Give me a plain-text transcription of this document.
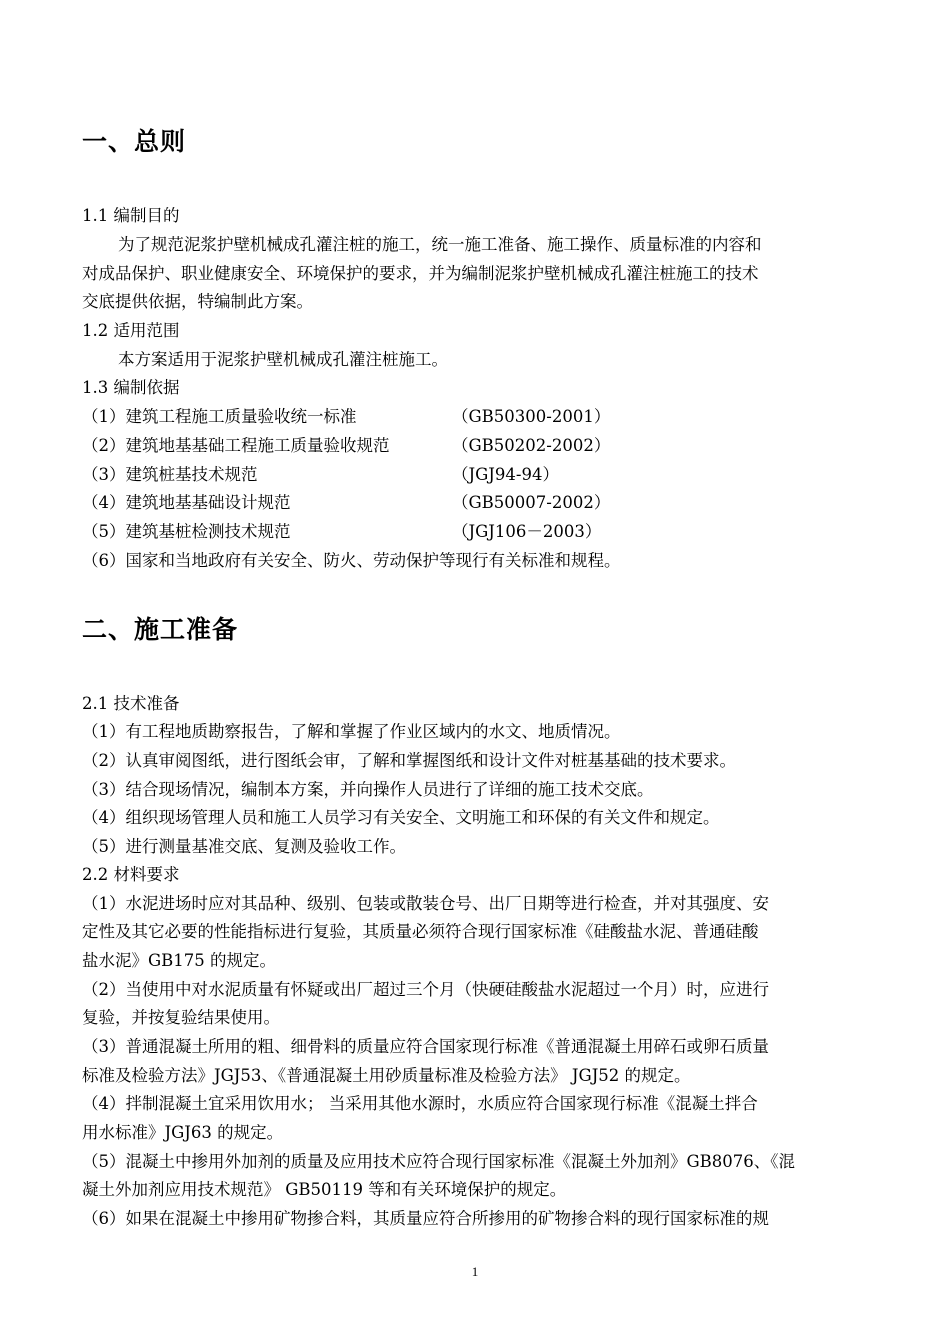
一、总则
1.1 编制目的
为了规范泥浆护壁机械成孔灌注桩的施工，统一施工准备、施工操作、质量标准的内容和
对成品保护、职业健康安全、环境保护的要求，并为编制泥浆护壁机械成孔灌注桩施工的技术
交底提供依据，特编制此方案。
1.2 适用范围
本方案适用于泥浆护壁机械成孔灌注桩施工。
1.3 编制依据
（1）建筑工程施工质量验收统一标准	（GB50300-2001）
（2）建筑地基基础工程施工质量验收规范	（GB50202-2002）
（3）建筑桩基技术规范	（JGJ94-94）
（4）建筑地基基础设计规范	（GB50007-2002）
（5）建筑基桩检测技术规范	（JGJ106－2003）
（6）国家和当地政府有关安全、防火、劳动保护等现行有关标准和规程。
二、施工准备
2.1 技术准备
（1）有工程地质勘察报告，了解和掌握了作业区域内的水文、地质情况。
（2）认真审阅图纸，进行图纸会审，了解和掌握图纸和设计文件对桩基基础的技术要求。
（3）结合现场情况，编制本方案，并向操作人员进行了详细的施工技术交底。
（4）组织现场管理人员和施工人员学习有关安全、文明施工和环保的有关文件和规定。
（5）进行测量基准交底、复测及验收工作。
2.2 材料要求
（1）水泥进场时应对其品种、级别、包装或散装仓号、出厂日期等进行检查，并对其强度、安
定性及其它必要的性能指标进行复验，其质量必须符合现行国家标准《硅酸盐水泥、普通硅酸
盐水泥》GB175 的规定。
（2）当使用中对水泥质量有怀疑或出厂超过三个月（快硬硅酸盐水泥超过一个月）时，应进行
复验，并按复验结果使用。
（3）普通混凝土所用的粗、细骨料的质量应符合国家现行标准《普通混凝土用碎石或卵石质量
标准及检验方法》JGJ53、《普通混凝土用砂质量标准及检验方法》 JGJ52 的规定。
（4）拌制混凝土宜采用饮用水； 当采用其他水源时，水质应符合国家现行标准《混凝土拌合
用水标准》JGJ63 的规定。
（5）混凝土中掺用外加剂的质量及应用技术应符合现行国家标准《混凝土外加剂》GB8076、《混
凝土外加剂应用技术规范》 GB50119 等和有关环境保护的规定。
（6）如果在混凝土中掺用矿物掺合料，其质量应符合所掺用的矿物掺合料的现行国家标准的规
1
